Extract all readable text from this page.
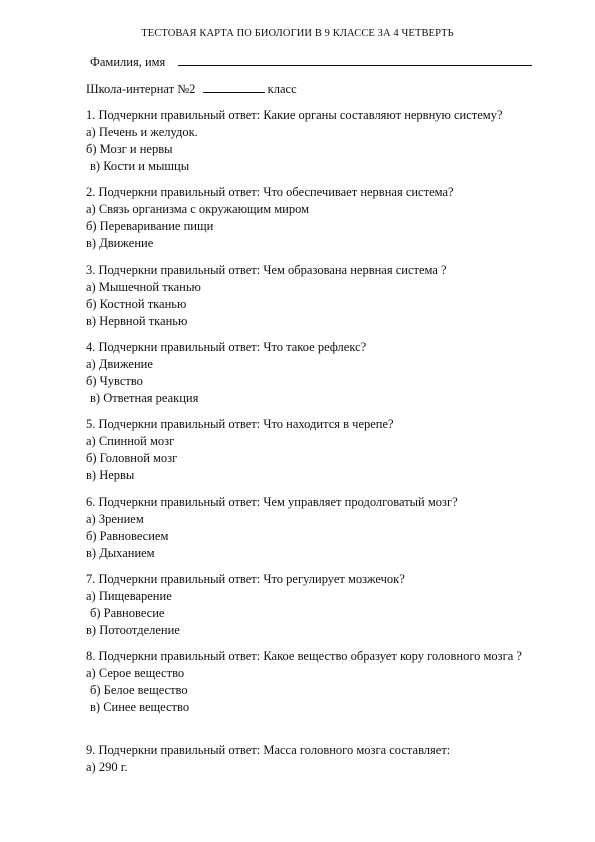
ТЕСТОВАЯ КАРТА ПО БИОЛОГИИ В 9 КЛАССЕ ЗА 4 ЧЕТВЕРТЬ
Фамилия, имя
Школа-интернат №2	класс
1. Подчеркни правильный ответ: Какие органы составляют нервную систему?
а) Печень и желудок.
б) Мозг и нервы
в) Кости и мышцы
2. Подчеркни правильный ответ: Что обеспечивает нервная система?
а) Связь организма с окружающим миром
б) Переваривание пищи
в) Движение
3. Подчеркни правильный ответ: Чем образована нервная система ?
а) Мышечной тканью
б) Костной тканью
в) Нервной тканью
4. Подчеркни правильный ответ: Что такое рефлекс?
а) Движение
б) Чувство
в) Ответная реакция
5. Подчеркни правильный ответ: Что находится в черепе?
а) Спинной мозг
б) Головной мозг
в) Нервы
6. Подчеркни правильный ответ: Чем управляет продолговатый мозг?
а) Зрением
б) Равновесием
в) Дыханием
7. Подчеркни правильный ответ: Что регулирует мозжечок?
а) Пищеварение
б) Равновесие
в) Потоотделение
8. Подчеркни правильный ответ: Какое вещество образует кору головного мозга ?
а) Серое вещество
б) Белое вещество
в) Синее вещество
9. Подчеркни правильный ответ: Масса головного мозга составляет:
а) 290 г.
